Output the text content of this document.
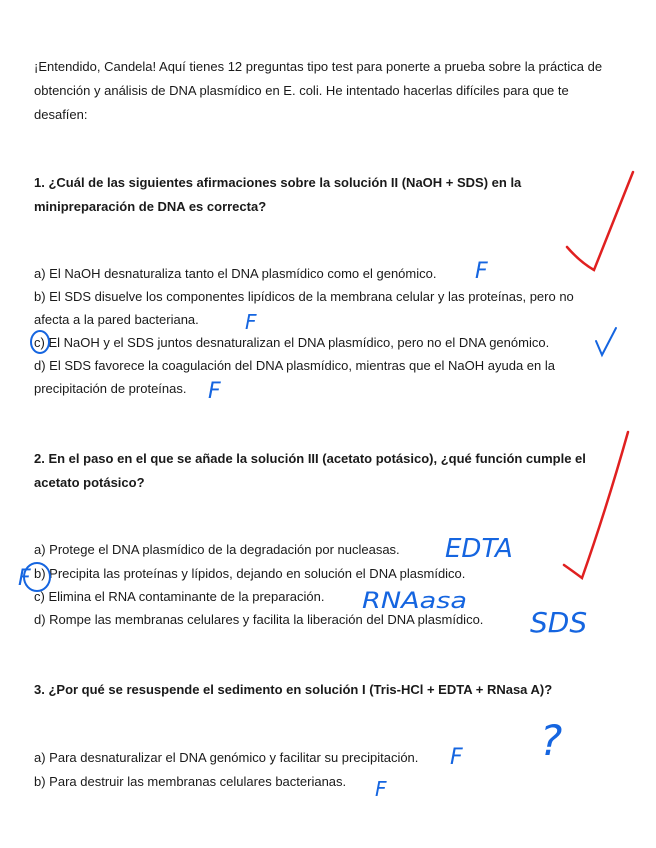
¡Entendido, Candela! Aquí tienes 12 preguntas tipo test para ponerte a prueba sobre la práctica de obtención y análisis de DNA plasmídico en E. coli. He intentado hacerlas difíciles para que te desafíen:
1. ¿Cuál de las siguientes afirmaciones sobre la solución II (NaOH + SDS) en la minipreparación de DNA es correcta?
a) El NaOH desnaturaliza tanto el DNA plasmídico como el genómico.
b) El SDS disuelve los componentes lipídicos de la membrana celular y las proteínas, pero no afecta a la pared bacteriana.
c) El NaOH y el SDS juntos desnaturalizan el DNA plasmídico, pero no el DNA genómico.
d) El SDS favorece la coagulación del DNA plasmídico, mientras que el NaOH ayuda en la precipitación de proteínas.
2. En el paso en el que se añade la solución III (acetato potásico), ¿qué función cumple el acetato potásico?
a) Protege el DNA plasmídico de la degradación por nucleasas.
b) Precipita las proteínas y lípidos, dejando en solución el DNA plasmídico.
c) Elimina el RNA contaminante de la preparación.
d) Rompe las membranas celulares y facilita la liberación del DNA plasmídico.
3. ¿Por qué se resuspende el sedimento en solución I (Tris-HCl + EDTA + RNasa A)?
a) Para desnaturalizar el DNA genómico y facilitar su precipitación.
b) Para destruir las membranas celulares bacterianas.
F
F
F
F
F
F
EDTA
RNAasa
SDS
?
